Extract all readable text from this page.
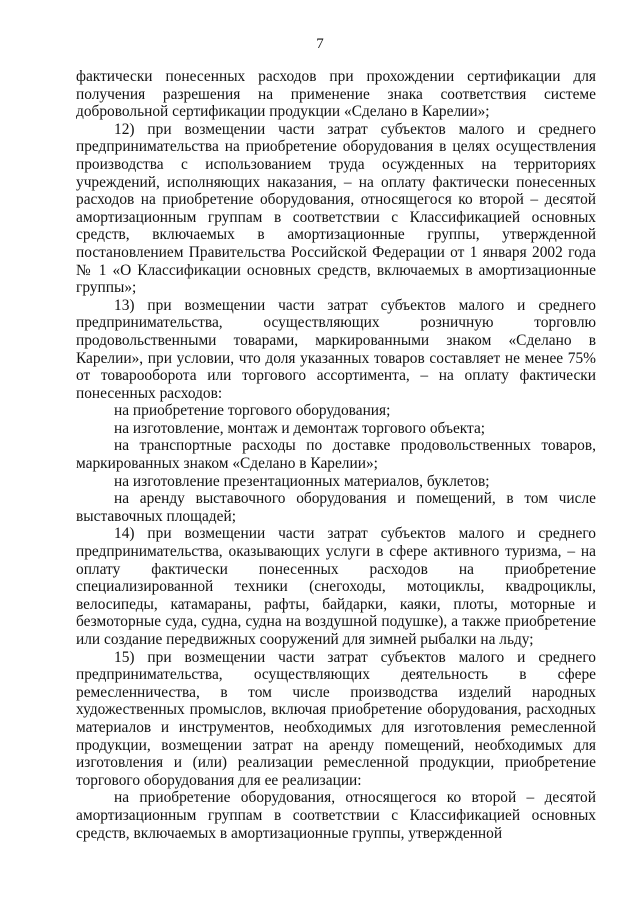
7

фактически понесенных расходов при прохождении сертификации для получения разрешения на применение знака соответствия системе добровольной сертификации продукции «Сделано в Карелии»;

12) при возмещении части затрат субъектов малого и среднего предпринимательства на приобретение оборудования в целях осуществления производства с использованием труда осужденных на территориях учреждений, исполняющих наказания, – на оплату фактически понесенных расходов на приобретение оборудования, относящегося ко второй – десятой амортизационным группам в соответствии с Классификацией основных средств, включаемых в амортизационные группы, утвержденной постановлением Правительства Российской Федерации от 1 января 2002 года № 1 «О Классификации основных средств, включаемых в амортизационные группы»;

13) при возмещении части затрат субъектов малого и среднего предпринимательства, осуществляющих розничную торговлю продовольственными товарами, маркированными знаком «Сделано в Карелии», при условии, что доля указанных товаров составляет не менее 75% от товарооборота или торгового ассортимента, – на оплату фактически понесенных расходов:

на приобретение торгового оборудования;

на изготовление, монтаж и демонтаж торгового объекта;

на транспортные расходы по доставке продовольственных товаров, маркированных знаком «Сделано в Карелии»;

на изготовление презентационных материалов, буклетов;

на аренду выставочного оборудования и помещений, в том числе выставочных площадей;

14) при возмещении части затрат субъектов малого и среднего предпринимательства, оказывающих услуги в сфере активного туризма, – на оплату фактически понесенных расходов на приобретение специализированной техники (снегоходы, мотоциклы, квадроциклы, велосипеды, катамараны, рафты, байдарки, каяки, плоты, моторные и безмоторные суда, судна, судна на воздушной подушке), а также приобретение или создание передвижных сооружений для зимней рыбалки на льду;

15) при возмещении части затрат субъектов малого и среднего предпринимательства, осуществляющих деятельность в сфере ремесленничества, в том числе производства изделий народных художественных промыслов, включая приобретение оборудования, расходных материалов и инструментов, необходимых для изготовления ремесленной продукции, возмещении затрат на аренду помещений, необходимых для изготовления и (или) реализации ремесленной продукции, приобретение торгового оборудования для ее реализации:

на приобретение оборудования, относящегося ко второй – десятой амортизационным группам в соответствии с Классификацией основных средств, включаемых в амортизационные группы, утвержденной
